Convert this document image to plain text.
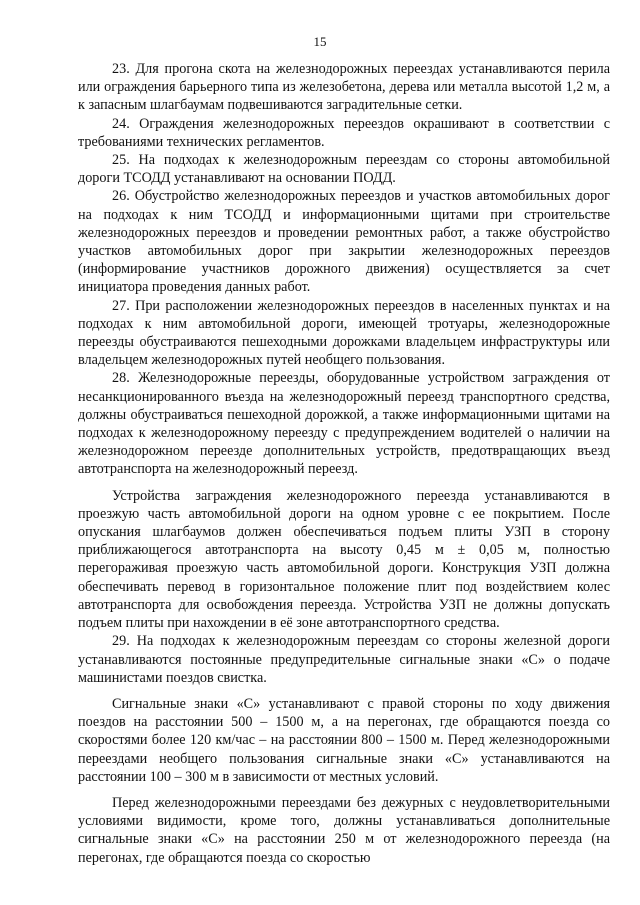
15

23. Для прогона скота на железнодорожных переездах устанавливаются перила или ограждения барьерного типа из железобетона, дерева или металла высотой 1,2 м, а к запасным шлагбаумам подвешиваются заградительные сетки.

24. Ограждения железнодорожных переездов окрашивают в соответствии с требованиями технических регламентов.

25. На подходах к железнодорожным переездам со стороны автомобильной дороги ТСОДД устанавливают на основании ПОДД.

26. Обустройство железнодорожных переездов и участков автомобильных дорог на подходах к ним ТСОДД и информационными щитами при строительстве железнодорожных переездов и проведении ремонтных работ, а также обустройство участков автомобильных дорог при закрытии железнодорожных переездов (информирование участников дорожного движения) осуществляется за счет инициатора проведения данных работ.

27. При расположении железнодорожных переездов в населенных пунктах и на подходах к ним автомобильной дороги, имеющей тротуары, железнодорожные переезды обустраиваются пешеходными дорожками владельцем инфраструктуры или владельцем железнодорожных путей необщего пользования.

28. Железнодорожные переезды, оборудованные устройством заграждения от несанкционированного въезда на железнодорожный переезд транспортного средства, должны обустраиваться пешеходной дорожкой, а также информационными щитами на подходах к железнодорожному переезду с предупреждением водителей о наличии на железнодорожном переезде дополнительных устройств, предотвращающих въезд автотранспорта на железнодорожный переезд.

Устройства заграждения железнодорожного переезда устанавливаются в проезжую часть автомобильной дороги на одном уровне с ее покрытием. После опускания шлагбаумов должен обеспечиваться подъем плиты УЗП в сторону приближающегося автотранспорта на высоту 0,45 м ± 0,05 м, полностью перегораживая проезжую часть автомобильной дороги. Конструкция УЗП должна обеспечивать перевод в горизонтальное положение плит под воздействием колес автотранспорта для освобождения переезда. Устройства УЗП не должны допускать подъем плиты при нахождении в её зоне автотранспортного средства.

29. На подходах к железнодорожным переездам со стороны железной дороги устанавливаются постоянные предупредительные сигнальные знаки «С» о подаче машинистами поездов свистка.

Сигнальные знаки «С» устанавливают с правой стороны по ходу движения поездов на расстоянии 500 – 1500 м, а на перегонах, где обращаются поезда со скоростями более 120 км/час – на расстоянии 800 – 1500 м. Перед железнодорожными переездами необщего пользования сигнальные знаки «С» устанавливаются на расстоянии 100 – 300 м в зависимости от местных условий.

Перед железнодорожными переездами без дежурных с неудовлетворительными условиями видимости, кроме того, должны устанавливаться дополнительные сигнальные знаки «С» на расстоянии 250 м от железнодорожного переезда (на перегонах, где обращаются поезда со скоростью
